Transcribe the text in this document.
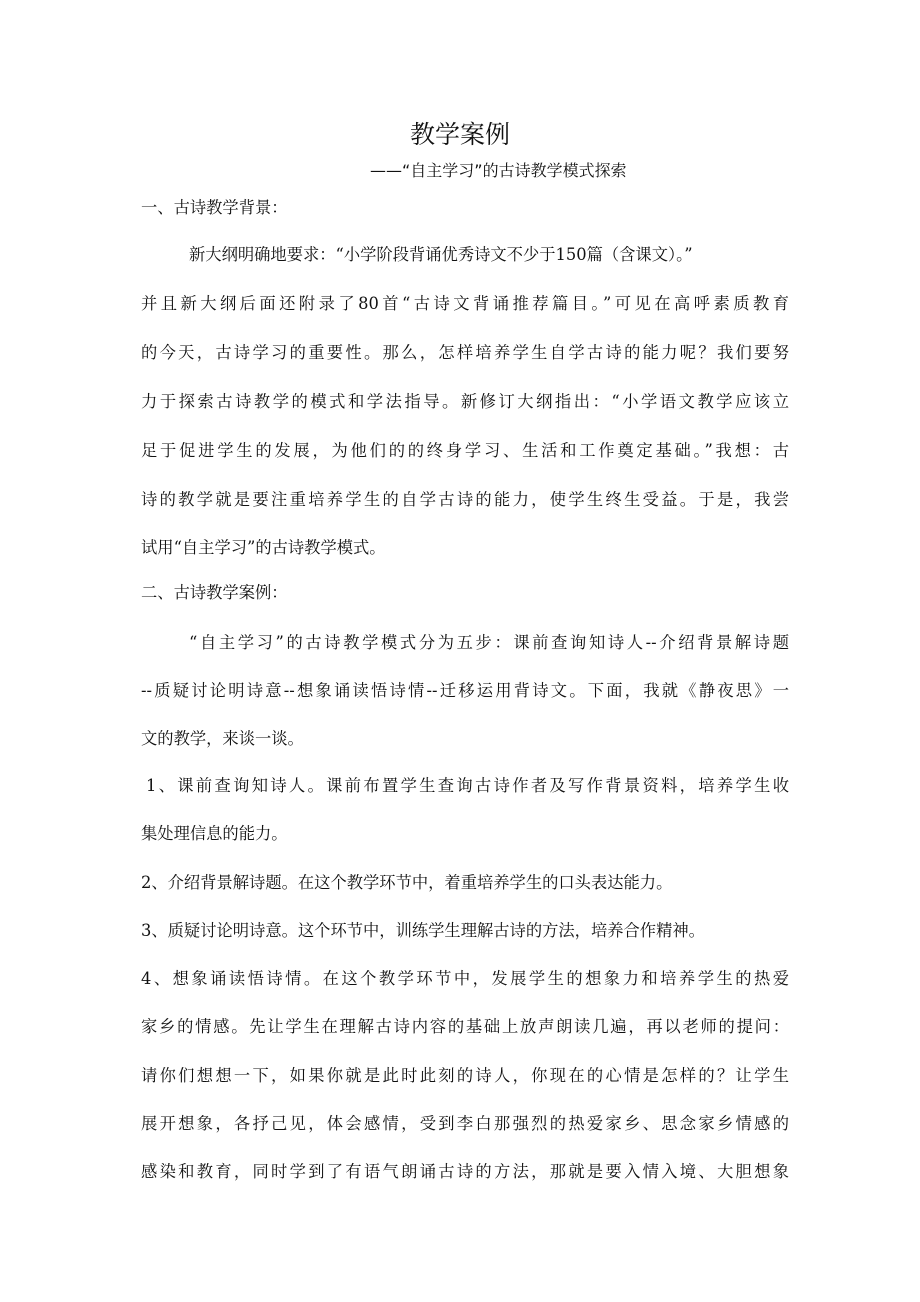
教学案例
——“自主学习”的古诗教学模式探索
一、古诗教学背景：
新大纲明确地要求：“小学阶段背诵优秀诗文不少于150篇（含课文）。”
并且新大纲后面还附录了80首“古诗文背诵推荐篇目。”可见在高呼素质教育
的今天，古诗学习的重要性。那么，怎样培养学生自学古诗的能力呢？我们要努
力于探索古诗教学的模式和学法指导。新修订大纲指出：“小学语文教学应该立
足于促进学生的发展，为他们的的终身学习、生活和工作奠定基础。”我想：古
诗的教学就是要注重培养学生的自学古诗的能力，使学生终生受益。于是，我尝
试用“自主学习”的古诗教学模式。
二、古诗教学案例：
“自主学习”的古诗教学模式分为五步：课前查询知诗人--介绍背景解诗题
--质疑讨论明诗意--想象诵读悟诗情--迁移运用背诗文。下面，我就《静夜思》一
文的教学，来谈一谈。
1、课前查询知诗人。课前布置学生查询古诗作者及写作背景资料，培养学生收
集处理信息的能力。
2、介绍背景解诗题。在这个教学环节中，着重培养学生的口头表达能力。
3、质疑讨论明诗意。这个环节中，训练学生理解古诗的方法，培养合作精神。
4、想象诵读悟诗情。在这个教学环节中，发展学生的想象力和培养学生的热爱
家乡的情感。先让学生在理解古诗内容的基础上放声朗读几遍，再以老师的提问：
请你们想想一下，如果你就是此时此刻的诗人，你现在的心情是怎样的？让学生
展开想象，各抒己见，体会感情，受到李白那强烈的热爱家乡、思念家乡情感的
感染和教育，同时学到了有语气朗诵古诗的方法，那就是要入情入境、大胆想象
